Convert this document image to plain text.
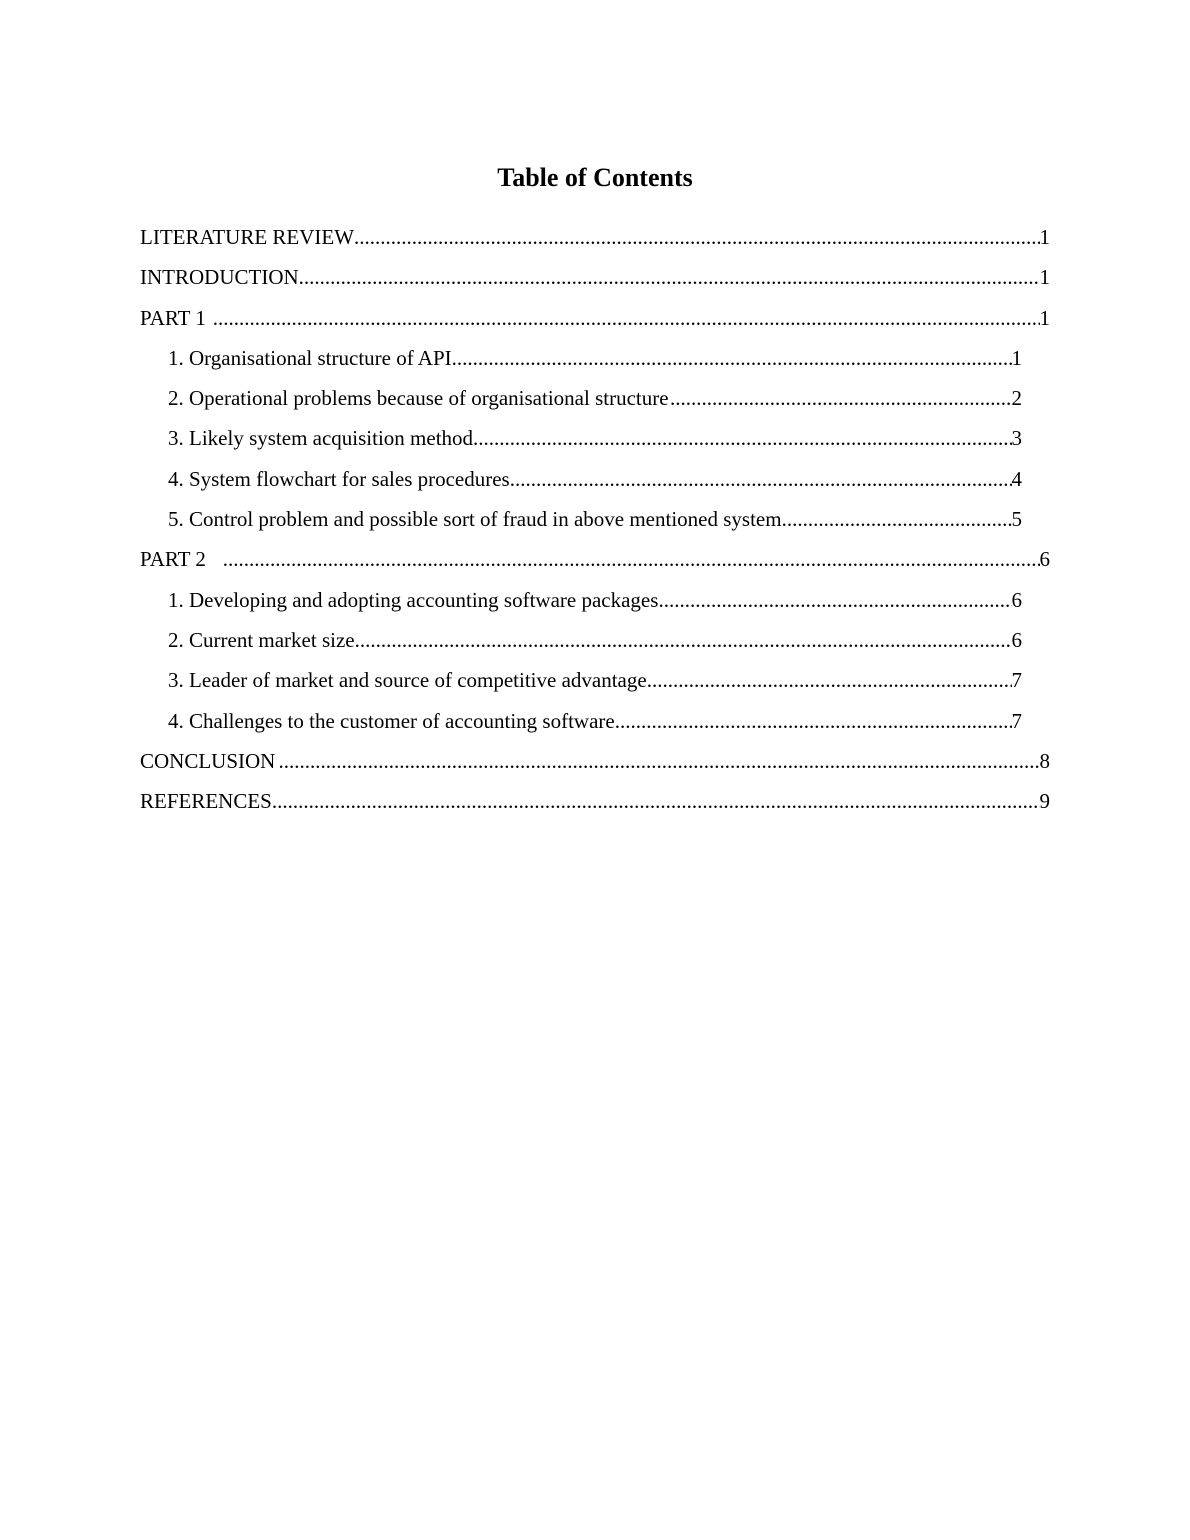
Table of Contents
LITERATURE REVIEW .....	1
INTRODUCTION .....	1
PART 1 .....	1
1. Organisational structure of API .....	1
2. Operational problems because of organisational structure .....	2
3. Likely system acquisition method .....	3
4. System flowchart for sales procedures .....	4
5. Control problem and possible sort of fraud in above mentioned system .....	5
PART 2 .....	6
1. Developing and adopting accounting software packages .....	6
2. Current market size .....	6
3. Leader of market and source of competitive advantage .....	7
4. Challenges to the customer of accounting software .....	7
CONCLUSION .....	8
REFERENCES .....	9
